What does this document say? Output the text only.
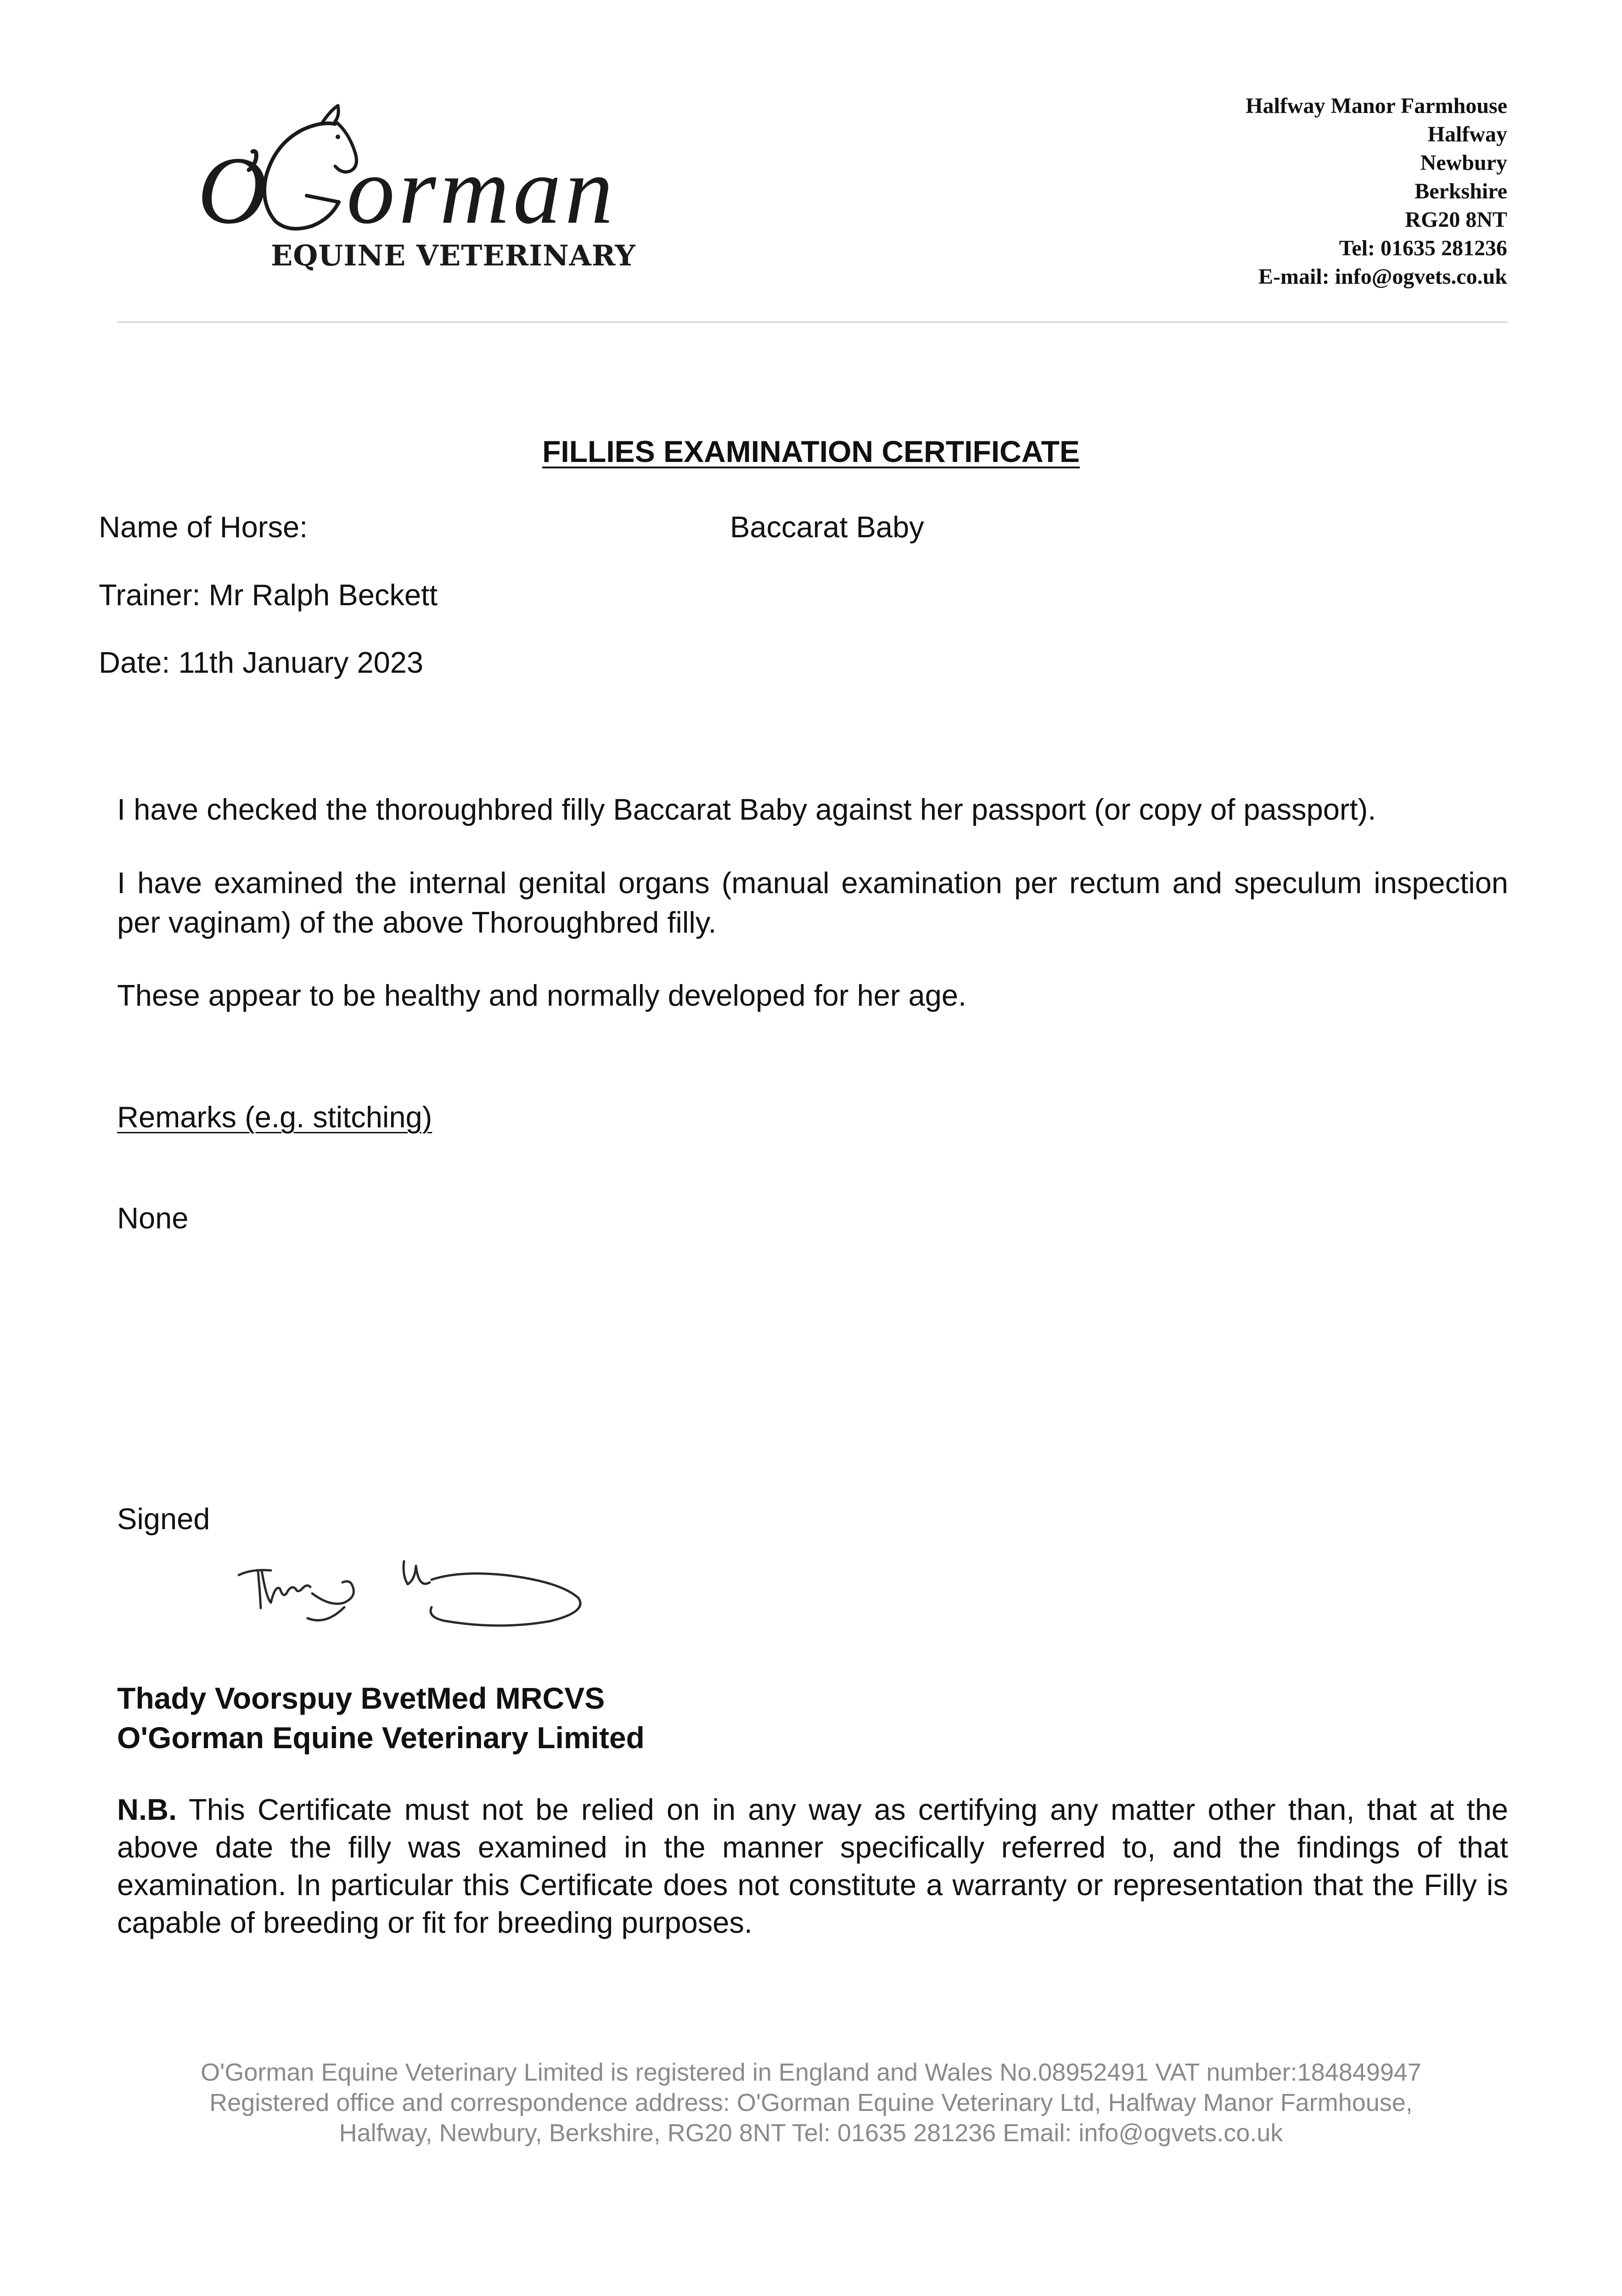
O orman
EQUINE VETERINARY
Halfway Manor Farmhouse
Halfway
Newbury
Berkshire
RG20 8NT
Tel: 01635 281236
E-mail: info@ogvets.co.uk
FILLIES EXAMINATION CERTIFICATE
Name of Horse:	Baccarat Baby
Trainer: Mr Ralph Beckett
Date: 11th January 2023
I have checked the thoroughbred filly Baccarat Baby against her passport (or copy of passport).
I have examined the internal genital organs (manual examination per rectum and speculum inspection per vaginam) of the above Thoroughbred filly.
These appear to be healthy and normally developed for her age.
Remarks (e.g. stitching)
None
Signed
Thady Voorspuy BvetMed MRCVS
O'Gorman Equine Veterinary Limited
N.B. This Certificate must not be relied on in any way as certifying any matter other than, that at the above date the filly was examined in the manner specifically referred to, and the findings of that examination. In particular this Certificate does not constitute a warranty or representation that the Filly is capable of breeding or fit for breeding purposes.
O'Gorman Equine Veterinary Limited is registered in England and Wales No.08952491 VAT number:184849947
Registered office and correspondence address: O'Gorman Equine Veterinary Ltd, Halfway Manor Farmhouse,
Halfway, Newbury, Berkshire, RG20 8NT Tel: 01635 281236 Email: info@ogvets.co.uk
